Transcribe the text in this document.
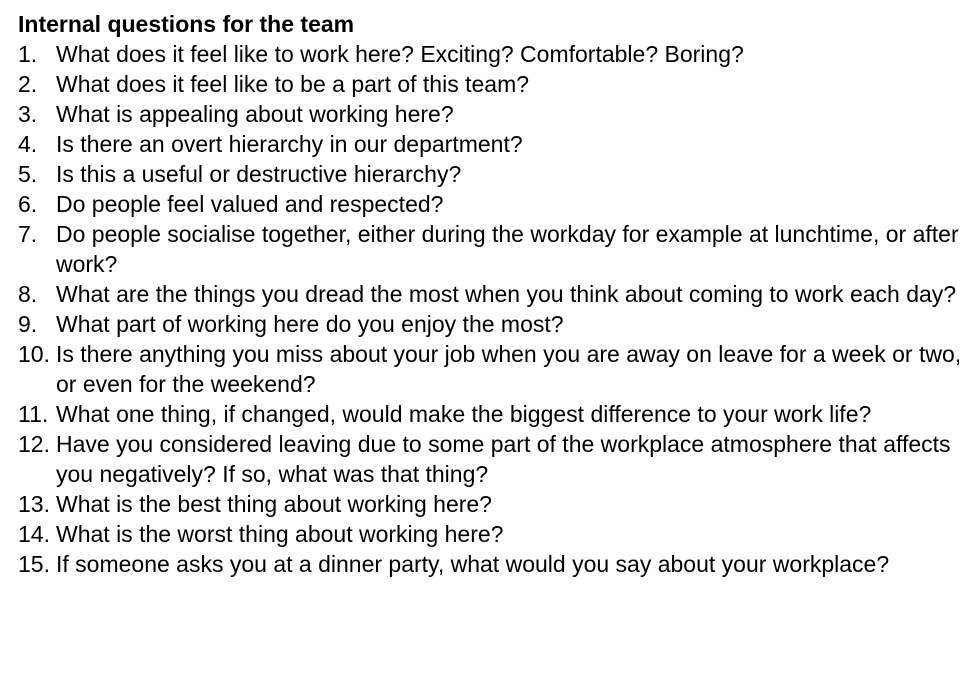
Internal questions for the team
1. What does it feel like to work here? Exciting? Comfortable? Boring?
2. What does it feel like to be a part of this team?
3. What is appealing about working here?
4. Is there an overt hierarchy in our department?
5. Is this a useful or destructive hierarchy?
6. Do people feel valued and respected?
7. Do people socialise together, either during the workday for example at lunchtime, or after work?
8. What are the things you dread the most when you think about coming to work each day?
9. What part of working here do you enjoy the most?
10. Is there anything you miss about your job when you are away on leave for a week or two, or even for the weekend?
11. What one thing, if changed, would make the biggest difference to your work life?
12. Have you considered leaving due to some part of the workplace atmosphere that affects you negatively? If so, what was that thing?
13. What is the best thing about working here?
14. What is the worst thing about working here?
15. If someone asks you at a dinner party, what would you say about your workplace?
